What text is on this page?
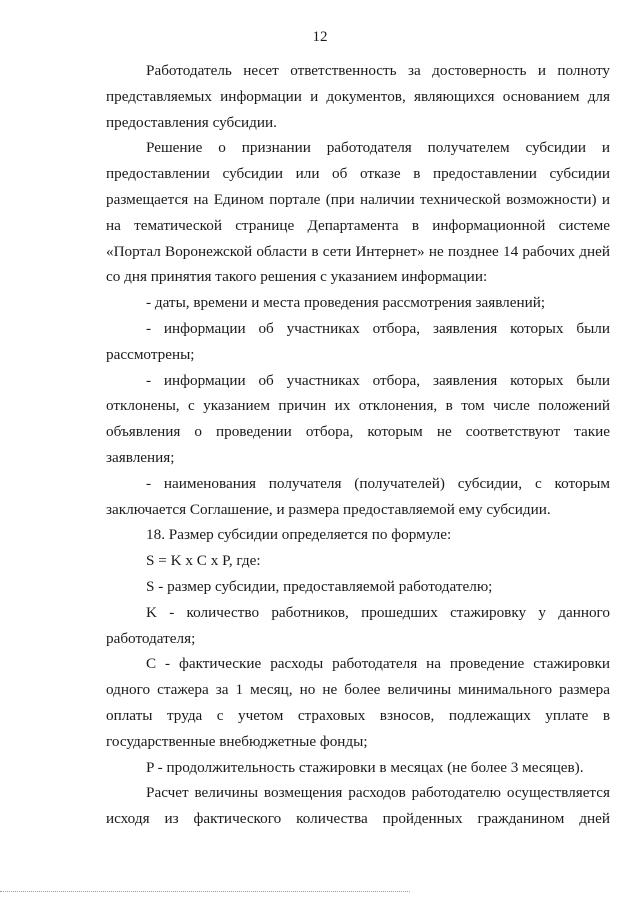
12

Работодатель несет ответственность за достоверность и полноту представляемых информации и документов, являющихся основанием для предоставления субсидии.

Решение о признании работодателя получателем субсидии и предоставлении субсидии или об отказе в предоставлении субсидии размещается на Едином портале (при наличии технической возможности) и на тематической странице Департамента в информационной системе «Портал Воронежской области в сети Интернет» не позднее 14 рабочих дней со дня принятия такого решения с указанием информации:

- даты, времени и места проведения рассмотрения заявлений;

- информации об участниках отбора, заявления которых были рассмотрены;

- информации об участниках отбора, заявления которых были отклонены, с указанием причин их отклонения, в том числе положений объявления о проведении отбора, которым не соответствуют такие заявления;

- наименования получателя (получателей) субсидии, с которым заключается Соглашение, и размера предоставляемой ему субсидии.

18. Размер субсидии определяется по формуле:

S = K x C x P, где:

S - размер субсидии, предоставляемой работодателю;

K - количество работников, прошедших стажировку у данного работодателя;

C - фактические расходы работодателя на проведение стажировки одного стажера за 1 месяц, но не более величины минимального размера оплаты труда с учетом страховых взносов, подлежащих уплате в государственные внебюджетные фонды;

P - продолжительность стажировки в месяцах (не более 3 месяцев).

Расчет величины возмещения расходов работодателю осуществляется исходя из фактического количества пройденных гражданином дней
